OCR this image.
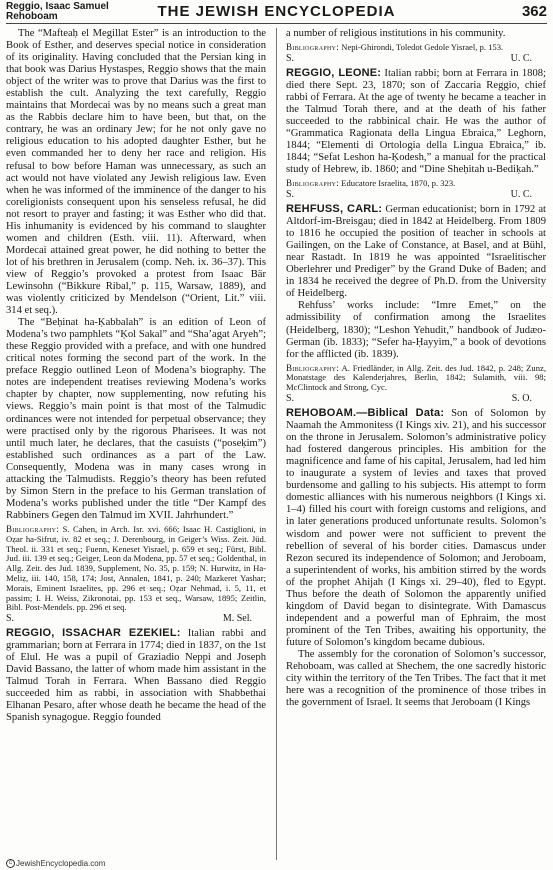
Reggio, Isaac Samuel
Rehoboam	THE JEWISH ENCYCLOPEDIA	362

The “Mafteaḥ el Megillat Ester” is an introduction to the Book of Esther, and deserves special notice in consideration of its originality. Having concluded that the Persian king in that book was Darius Hystaspes, Reggio shows that the main object of the writer was to prove that Darius was the first to establish the cult. Analyzing the text carefully, Reggio maintains that Mordecai was by no means such a great man as the Rabbis declare him to have been, but that, on the contrary, he was an ordinary Jew; for he not only gave no religious education to his adopted daughter Esther, but he even commanded her to deny her race and religion. His refusal to bow before Haman was unnecessary, as such an act would not have violated any Jewish religious law. Even when he was informed of the imminence of the danger to his coreligionists consequent upon his senseless refusal, he did not resort to prayer and fasting; it was Esther who did that. His inhumanity is evidenced by his command to slaughter women and children (Esth. viii. 11). Afterward, when Mordecai attained great power, he did nothing to better the lot of his brethren in Jerusalem (comp. Neh. ix. 36–37). This view of Reggio’s provoked a protest from Isaac Bär Lewinsohn (“Bikkure Ribal,” p. 115, Warsaw, 1889), and was violently criticized by Mendelson (“Orient, Lit.” viii. 314 et seq.).

The “Beḥinat ha-Ḳabbalah” is an edition of Leon of Modena’s two pamphlets “Ḳol Sakal” and “Sha’agat Aryeh”; these Reggio provided with a preface, and with one hundred critical notes forming the second part of the work. In the preface Reggio outlined Leon of Modena’s biography. The notes are independent treatises reviewing Modena’s works chapter by chapter, now supplementing, now refuting his views. Reggio’s main point is that most of the Talmudic ordinances were not intended for perpetual observance; they were practised only by the rigorous Pharisees. It was not until much later, he declares, that the casuists (“poseḳim”) established such ordinances as a part of the Law. Consequently, Modena was in many cases wrong in attacking the Talmudists. Reggio’s theory has been refuted by Simon Stern in the preface to his German translation of Modena’s works published under the title “Der Kampf des Rabbiners Gegen den Talmud im XVII. Jahrhundert.”

Bibliography: S. Cahen, in Arch. Isr. xvi. 666; Isaac H. Castiglioni, in Oẓar ha-Sifrut, iv. 82 et seq.; J. Derenbourg, in Geiger’s Wiss. Zeit. Jüd. Theol. ii. 331 et seq.; Fuenn, Keneset Yisrael, p. 659 et seq.; Fürst, Bibl. Jud. iii. 139 et seq.; Geiger, Leon da Modena, pp. 57 et seq.; Goldenthal, in Allg. Zeit. des Jud. 1839, Supplement, No. 35, p. 159; N. Hurwitz, in Ha-Meliẓ, iii. 140, 158, 174; Jost, Annalen, 1841, p. 240; Mazkeret Yashar; Morais, Eminent Israelites, pp. 296 et seq.; Oẓar Nehmad, i. 5, 11, et passim; I. H. Weiss, Zikronotai, pp. 153 et seq., Warsaw, 1895; Zeitlin, Bibl. Post-Mendels. pp. 296 et seq.

S.	M. Sel.

REGGIO, ISSACHAR EZEKIEL: Italian rabbi and grammarian; born at Ferrara in 1774; died in 1837, on the 1st of Elul. He was a pupil of Graziadio Neppi and Joseph David Bassano, the latter of whom made him assistant in the Talmud Torah in Ferrara. When Bassano died Reggio succeeded him as rabbi, in association with Shabbethai Elhanan Pesaro, after whose death he became the head of the Spanish synagogue. Reggio founded

a number of religious institutions in his community.

Bibliography: Nepi-Ghirondi, Toledot Gedole Yisrael, p. 153.

S.	U. C.

REGGIO, LEONE: Italian rabbi; born at Ferrara in 1808; died there Sept. 23, 1870; son of Zaccaria Reggio, chief rabbi of Ferrara. At the age of twenty he became a teacher in the Talmud Torah there, and at the death of his father succeeded to the rabbinical chair. He was the author of “Grammatica Ragionata della Lingua Ebraica,” Leghorn, 1844; “Elementi di Ortologia della Lingua Ebraica,” ib. 1844; “Sefat Leshon ha-Ḳodesh,” a manual for the practical study of Hebrew, ib. 1860; and “Dine Sheḥitah u-Bediḳah.”

Bibliography: Educatore Israelita, 1870, p. 323.

S.	U. C.

REHFUSS, CARL: German educationist; born in 1792 at Altdorf-im-Breisgau; died in 1842 at Heidelberg. From 1809 to 1816 he occupied the position of teacher in schools at Gailingen, on the Lake of Constance, at Basel, and at Bühl, near Rastadt. In 1819 he was appointed “Israelitischer Oberlehrer und Prediger” by the Grand Duke of Baden; and in 1834 he received the degree of Ph.D. from the University of Heidelberg.

Rehfuss’ works include: “Imre Emet,” on the admissibility of confirmation among the Israelites (Heidelberg, 1830); “Leshon Yehudit,” handbook of Judæo-German (ib. 1833); “Sefer ha-Ḥayyim,” a book of devotions for the afflicted (ib. 1839).

Bibliography: A. Friedländer, in Allg. Zeit. des Jud. 1842, p. 248; Zunz, Monatstage des Kalenderjahres, Berlin, 1842; Sulamith, viii. 98; McClintock and Strong, Cyc.

S.	S. O.

REHOBOAM.—Biblical Data: Son of Solomon by Naamah the Ammonitess (I Kings xiv. 21), and his successor on the throne in Jerusalem. Solomon’s administrative policy had fostered dangerous principles. His ambition for the magnificence and fame of his capital, Jerusalem, had led him to inaugurate a system of levies and taxes that proved burdensome and galling to his subjects. His attempt to form domestic alliances with his numerous neighbors (I Kings xi. 1–4) filled his court with foreign customs and religions, and in later generations produced unfortunate results. Solomon’s wisdom and power were not sufficient to prevent the rebellion of several of his border cities. Damascus under Rezon secured its independence of Solomon; and Jeroboam, a superintendent of works, his ambition stirred by the words of the prophet Ahijah (I Kings xi. 29–40), fled to Egypt. Thus before the death of Solomon the apparently unified kingdom of David began to disintegrate. With Damascus independent and a powerful man of Ephraim, the most prominent of the Ten Tribes, awaiting his opportunity, the future of Solomon’s kingdom became dubious.

The assembly for the coronation of Solomon’s successor, Rehoboam, was called at Shechem, the one sacredly historic city within the territory of the Ten Tribes. The fact that it met here was a recognition of the prominence of those tribes in the government of Israel. It seems that Jeroboam (I Kings

c JewishEncyclopedia.com
